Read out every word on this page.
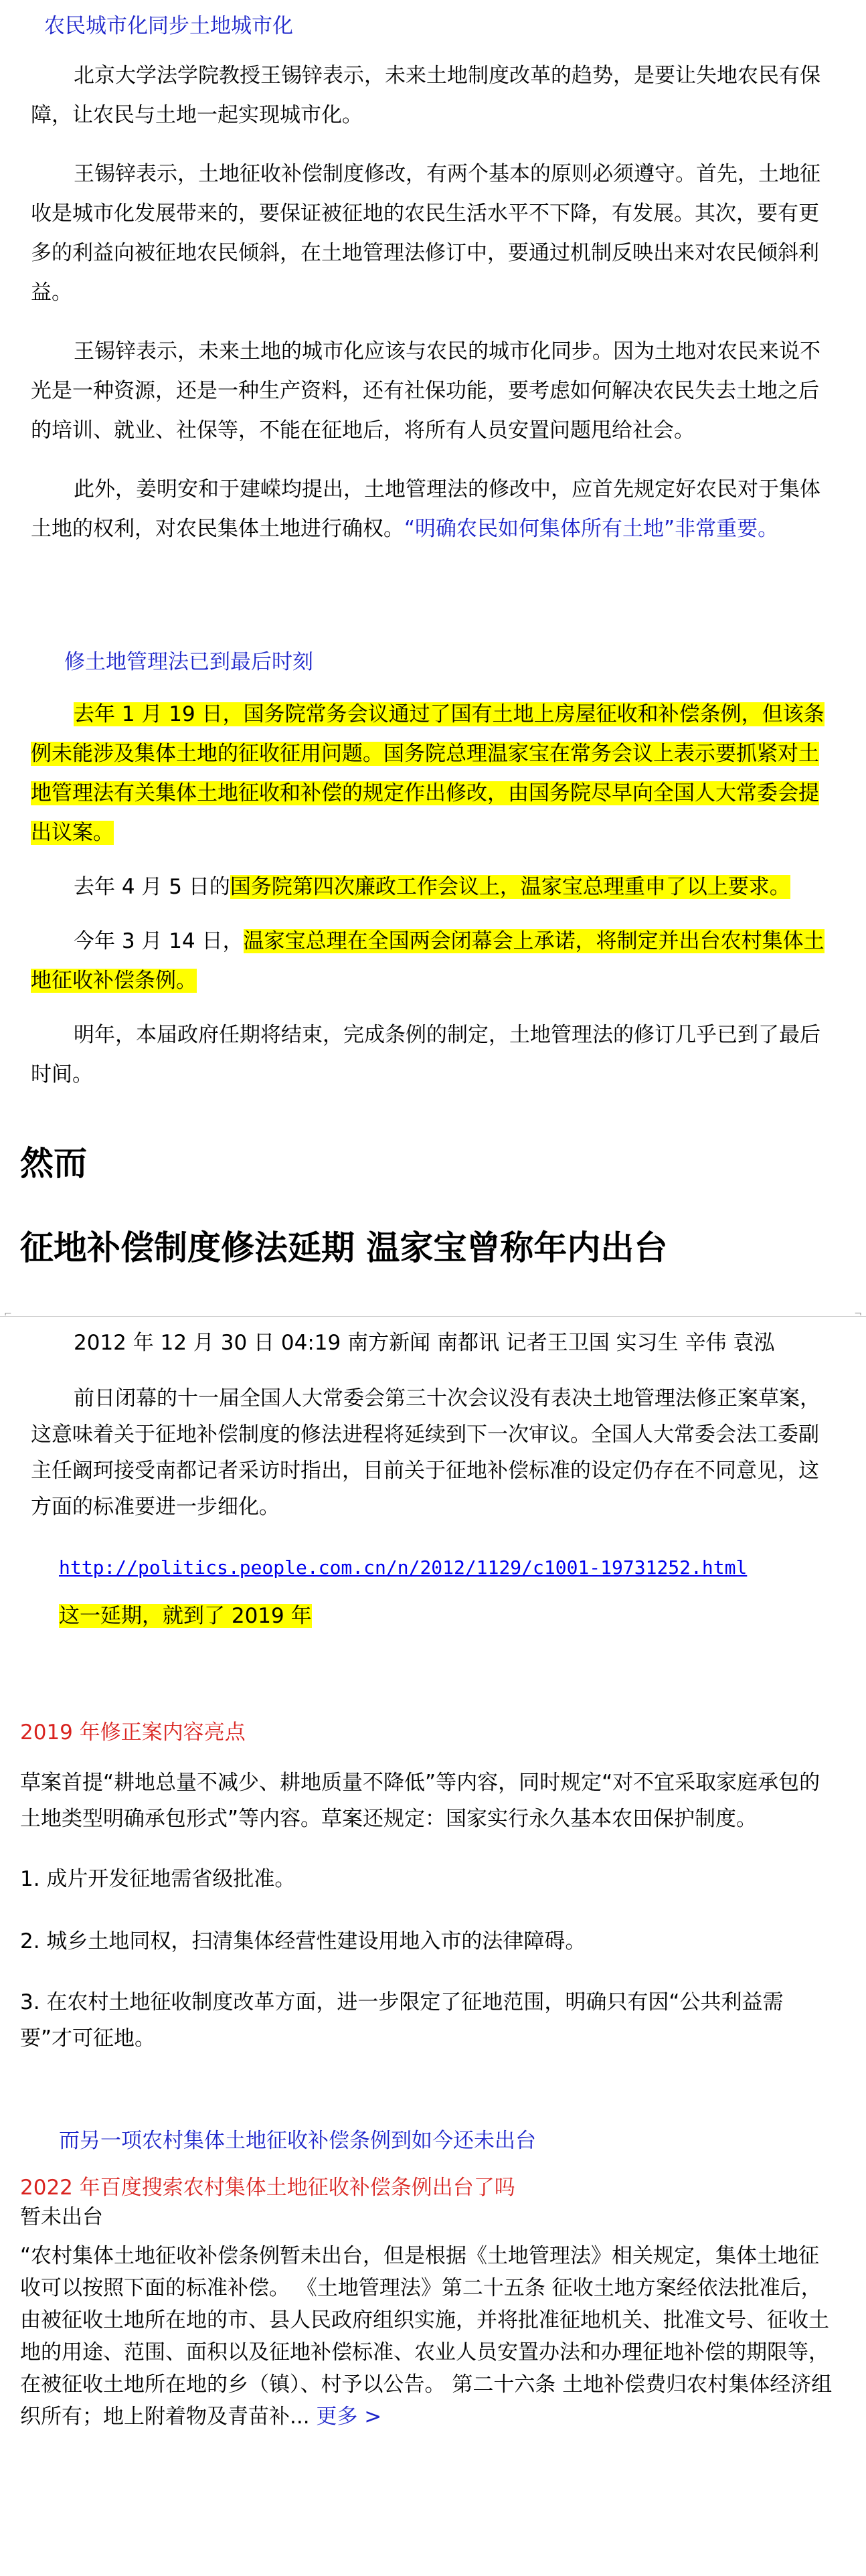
农民城市化同步土地城市化

北京大学法学院教授王锡锌表示，未来土地制度改革的趋势，是要让失地农民有保障，让农民与土地一起实现城市化。

王锡锌表示，土地征收补偿制度修改，有两个基本的原则必须遵守。首先，土地征收是城市化发展带来的，要保证被征地的农民生活水平不下降，有发展。其次，要有更多的利益向被征地农民倾斜，在土地管理法修订中，要通过机制反映出来对农民倾斜利益。

王锡锌表示，未来土地的城市化应该与农民的城市化同步。因为土地对农民来说不光是一种资源，还是一种生产资料，还有社保功能，要考虑如何解决农民失去土地之后的培训、就业、社保等，不能在征地后，将所有人员安置问题甩给社会。

此外，姜明安和于建嵘均提出，土地管理法的修改中，应首先规定好农民对于集体土地的权利，对农民集体土地进行确权。“明确农民如何集体所有土地”非常重要。

修土地管理法已到最后时刻

去年 1 月 19 日，国务院常务会议通过了国有土地上房屋征收和补偿条例，但该条例未能涉及集体土地的征收征用问题。国务院总理温家宝在常务会议上表示要抓紧对土地管理法有关集体土地征收和补偿的规定作出修改，由国务院尽早向全国人大常委会提出议案。

去年 4 月 5 日的国务院第四次廉政工作会议上，温家宝总理重申了以上要求。

今年 3 月 14 日，温家宝总理在全国两会闭幕会上承诺，将制定并出台农村集体土地征收补偿条例。

明年，本届政府任期将结束，完成条例的制定，土地管理法的修订几乎已到了最后时间。

然而

征地补偿制度修法延期 温家宝曾称年内出台

⌐	¬

2012 年 12 月 30 日 04:19 南方新闻 南都讯 记者王卫国 实习生 辛伟 袁泓

前日闭幕的十一届全国人大常委会第三十次会议没有表决土地管理法修正案草案，这意味着关于征地补偿制度的修法进程将延续到下一次审议。全国人大常委会法工委副主任阚珂接受南都记者采访时指出，目前关于征地补偿标准的设定仍存在不同意见，这方面的标准要进一步细化。

http://politics.people.com.cn/n/2012/1129/c1001-19731252.html

这一延期，就到了 2019 年

2019 年修正案内容亮点

草案首提“耕地总量不减少、耕地质量不降低”等内容，同时规定“对不宜采取家庭承包的土地类型明确承包形式”等内容。草案还规定：国家实行永久基本农田保护制度。

1. 成片开发征地需省级批准。

2. 城乡土地同权，扫清集体经营性建设用地入市的法律障碍。

3. 在农村土地征收制度改革方面，进一步限定了征地范围，明确只有因“公共利益需要”才可征地。

而另一项农村集体土地征收补偿条例到如今还未出台

2022 年百度搜索农村集体土地征收补偿条例出台了吗

暂未出台

“农村集体土地征收补偿条例暂未出台，但是根据《土地管理法》相关规定，集体土地征收可以按照下面的标准补偿。 《土地管理法》第二十五条 征收土地方案经依法批准后，由被征收土地所在地的市、县人民政府组织实施，并将批准征地机关、批准文号、征收土地的用途、范围、面积以及征地补偿标准、农业人员安置办法和办理征地补偿的期限等，在被征收土地所在地的乡（镇）、村予以公告。 第二十六条 土地补偿费归农村集体经济组织所有；地上附着物及青苗补... 更多 >
